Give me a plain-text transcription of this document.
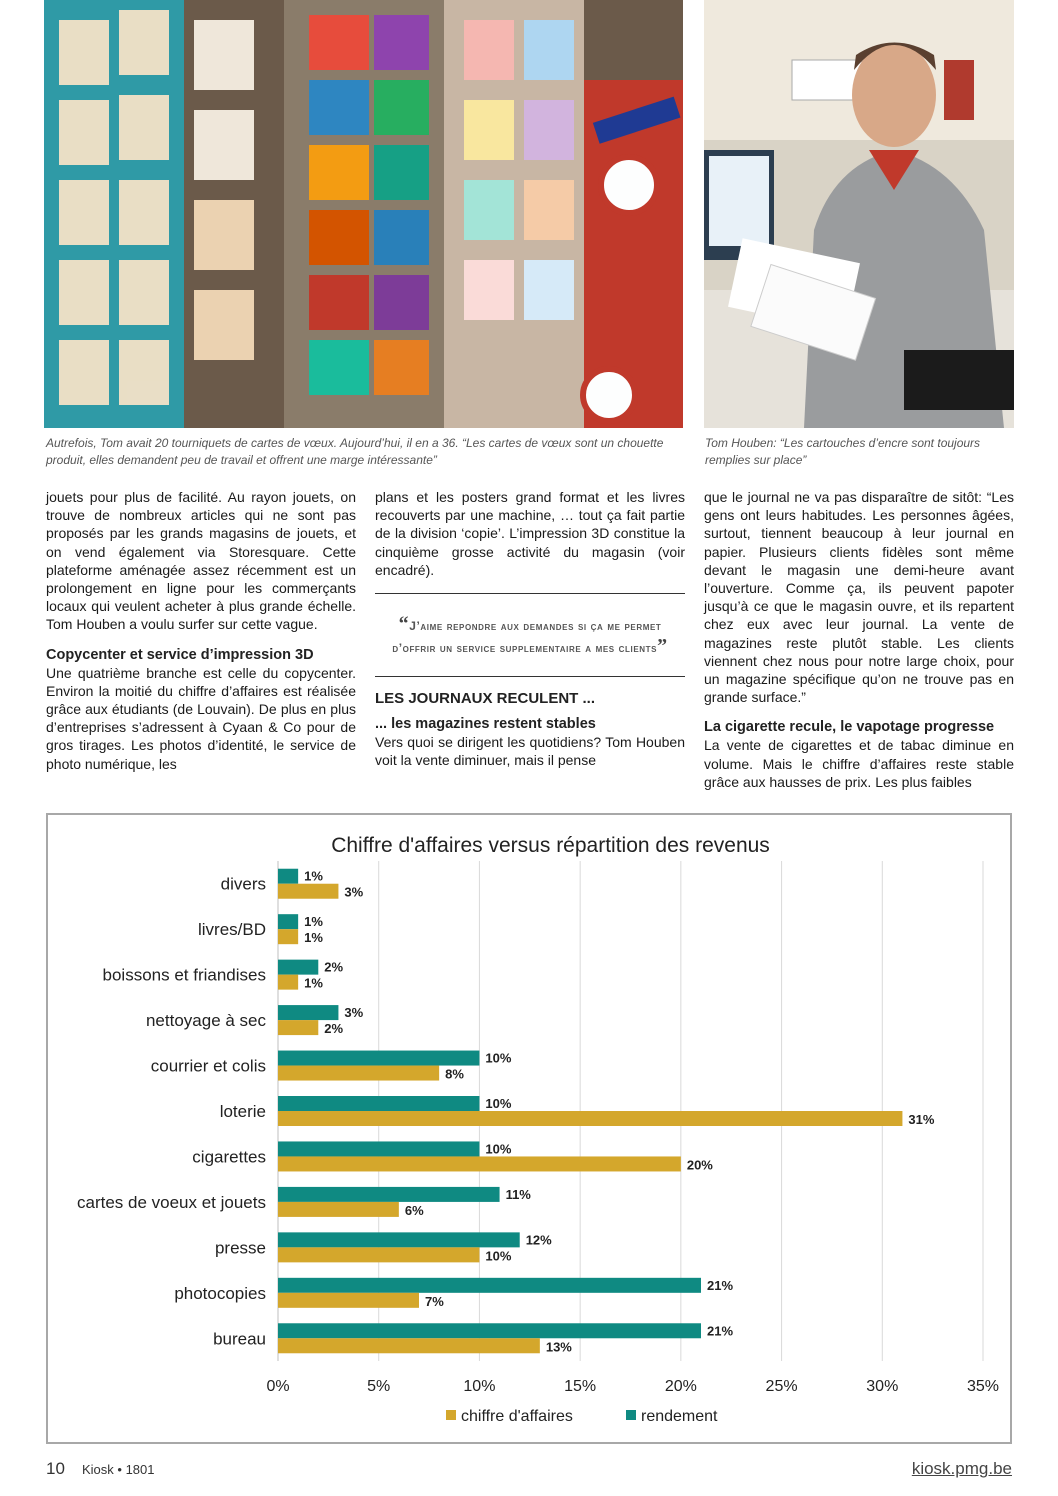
Autrefois, Tom avait 20 tourniquets de cartes de vœux. Aujourd’hui, il en a 36. “Les cartes de vœux sont un chouette produit, elles demandent peu de travail et offrent une marge intéressante”
Tom Houben: “Les cartouches d’encre sont toujours remplies sur place”

jouets pour plus de facilité. Au rayon jouets, on trouve de nombreux articles qui ne sont pas proposés par les grands magasins de jouets, et on vend également via Storesquare. Cette plateforme aménagée assez récemment est un prolongement en ligne pour les commerçants locaux qui veulent acheter à plus grande échelle. Tom Houben a voulu surfer sur cette vague.

Copycenter et service d’impression 3D

Une quatrième branche est celle du copycenter. Environ la moitié du chiffre d’affaires est réalisée grâce aux étudiants (de Louvain). De plus en plus d’entreprises s’adressent à Cyaan & Co pour de gros tirages. Les photos d’identité, le service de photo numérique, les

plans et les posters grand format et les livres recouverts par une machine, … tout ça fait partie de la division ‘copie’. L’impression 3D constitue la cinquième grosse activité du magasin (voir encadré).

“J’aime repondre aux demandes si ça me permet d’offrir un service supplementaire a mes clients”
LES JOURNAUX RECULENT ...
... les magazines restent stables

Vers quoi se dirigent les quotidiens? Tom Houben voit la vente diminuer, mais il pense

que le journal ne va pas disparaître de sitôt: “Les gens ont leurs habitudes. Les personnes âgées, surtout, tiennent beaucoup à leur journal en papier. Plusieurs clients fidèles sont même devant le magasin une demi-heure avant l’ouverture. Comme ça, ils peuvent papoter jusqu’à ce que le magasin ouvre, et ils repartent chez eux avec leur journal. La vente de magazines reste plutôt stable. Les clients viennent chez nous pour notre large choix, pour un magazine spécifique qu’on ne trouve pas en grande surface.”

La cigarette recule, le vapotage progresse

La vente de cigarettes et de tabac diminue en volume. Mais le chiffre d’affaires reste stable grâce aux hausses de prix. Les plus faibles

Chiffre d'affaires versus répartition des revenus
0%	5%	10%	15%	20%	25%	30%	35%
divers	1%
3%
livres/BD	1%
1%
boissons et friandises	2%
1%
nettoyage à sec	3%
2%
courrier et colis	10%
8%
loterie	10%
31%
cigarettes	10%
20%
cartes de voeux et jouets	11%
6%
presse	12%
10%
photocopies	21%
7%
bureau	21%
13%
chiffre d'affaires	rendement
10 Kiosk • 1801	kiosk.pmg.be
